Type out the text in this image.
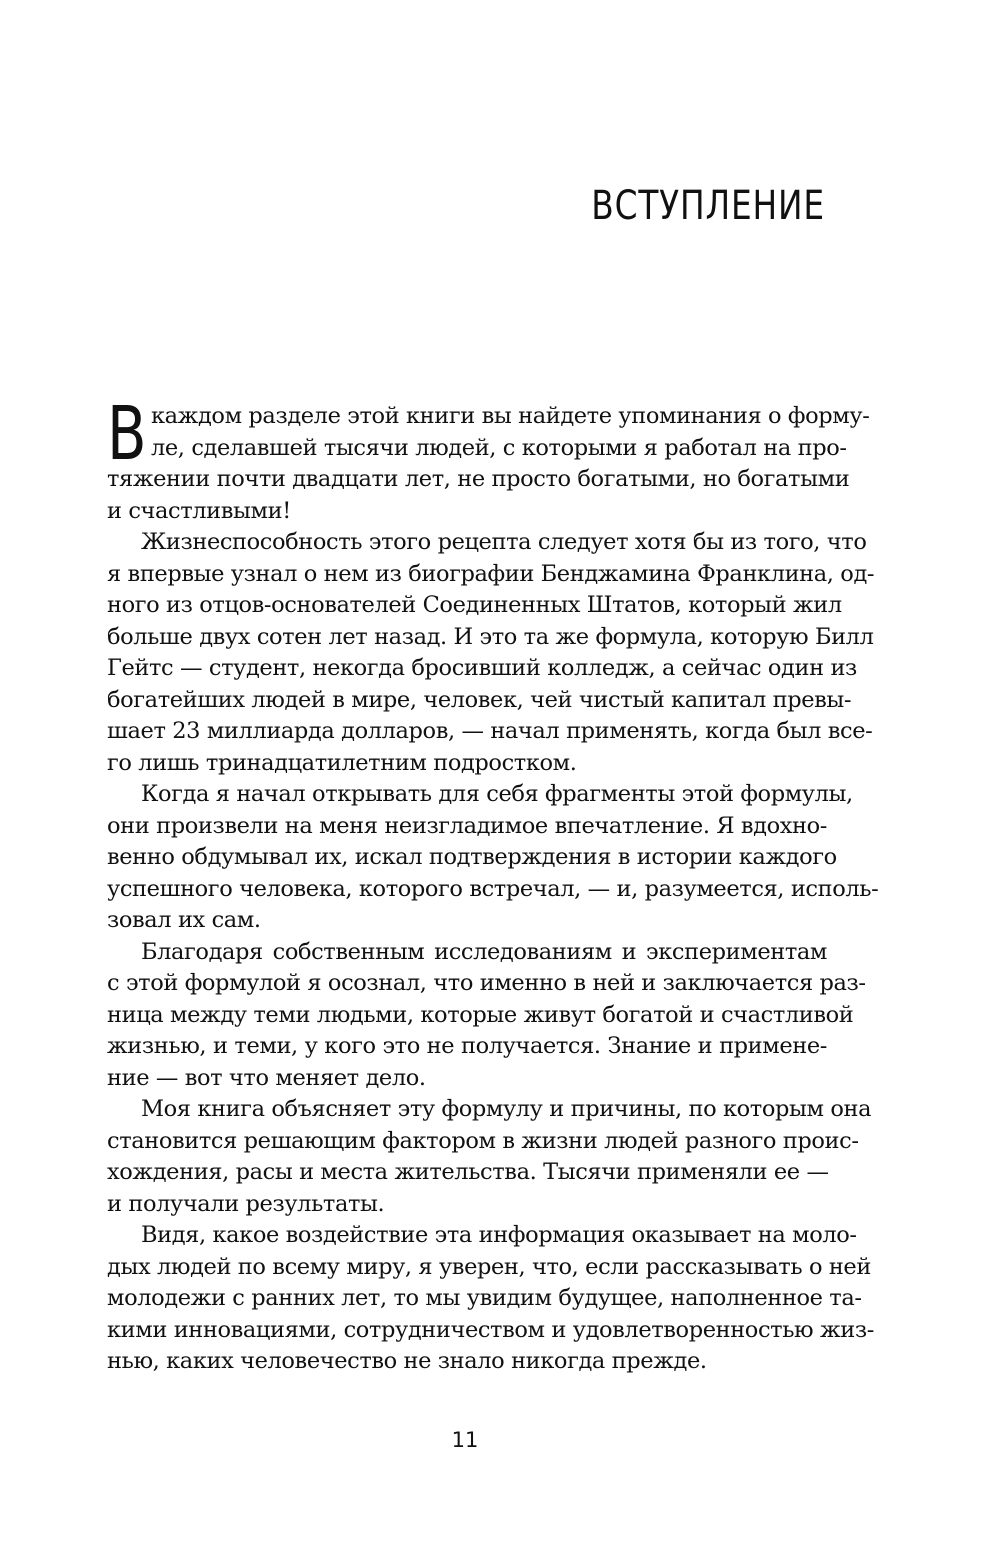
ВСТУПЛЕНИЕ
В каждом разделе этой книги вы найдете упоминания о форму-
ле, сделавшей тысячи людей, с которыми я работал на про-
тяжении почти двадцати лет, не просто богатыми, но богатыми
и счастливыми!
Жизнеспособность этого рецепта следует хотя бы из того, что
я впервые узнал о нем из биографии Бенджамина Франклина, од-
ного из отцов-основателей Соединенных Штатов, который жил
больше двух сотен лет назад. И это та же формула, которую Билл
Гейтс — студент, некогда бросивший колледж, а сейчас один из
богатейших людей в мире, человек, чей чистый капитал превы-
шает 23 миллиарда долларов, — начал применять, когда был все-
го лишь тринадцатилетним подростком.
Когда я начал открывать для себя фрагменты этой формулы,
они произвели на меня неизгладимое впечатление. Я вдохно-
венно обдумывал их, искал подтверждения в истории каждого
успешного человека, которого встречал, — и, разумеется, исполь-
зовал их сам.
Благодаря собственным исследованиям и экспериментам
с этой формулой я осознал, что именно в ней и заключается раз-
ница между теми людьми, которые живут богатой и счастливой
жизнью, и теми, у кого это не получается. Знание и примене-
ние — вот что меняет дело.
Моя книга объясняет эту формулу и причины, по которым она
становится решающим фактором в жизни людей разного проис-
хождения, расы и места жительства. Тысячи применяли ее —
и получали результаты.
Видя, какое воздействие эта информация оказывает на моло-
дых людей по всему миру, я уверен, что, если рассказывать о ней
молодежи с ранних лет, то мы увидим будущее, наполненное та-
кими инновациями, сотрудничеством и удовлетворенностью жиз-
нью, каких человечество не знало никогда прежде.
11
